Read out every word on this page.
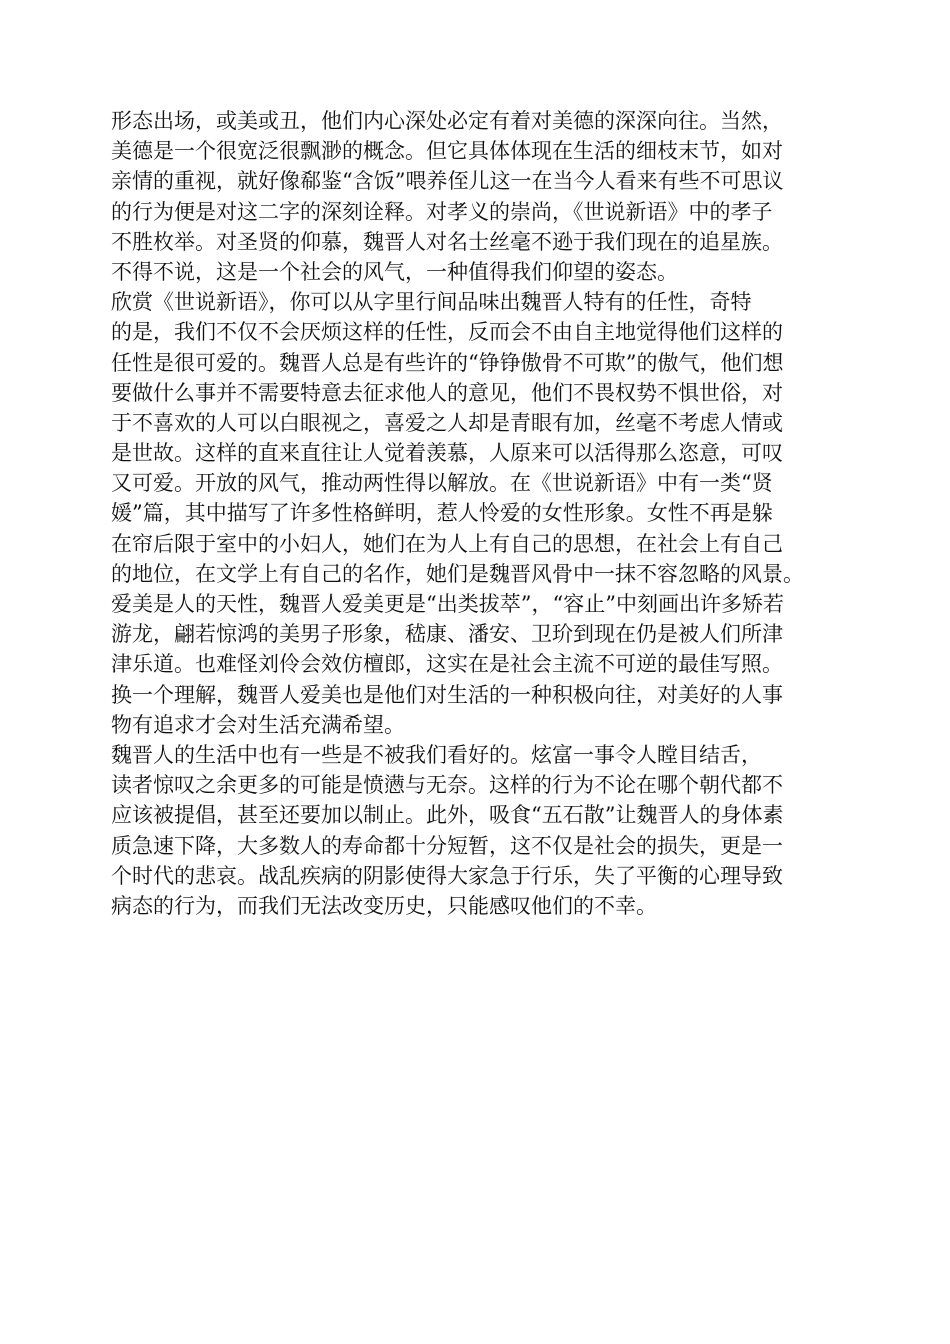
形态出场，或美或丑，他们内心深处必定有着对美德的深深向往。当然，
美德是一个很宽泛很飘渺的概念。但它具体体现在生活的细枝末节，如对
亲情的重视，就好像郗鉴“含饭”喂养侄儿这一在当今人看来有些不可思议
的行为便是对这二字的深刻诠释。对孝义的崇尚，《世说新语》中的孝子
不胜枚举。对圣贤的仰慕，魏晋人对名士丝毫不逊于我们现在的追星族。
不得不说，这是一个社会的风气，一种值得我们仰望的姿态。
欣赏《世说新语》，你可以从字里行间品味出魏晋人特有的任性，奇特
的是，我们不仅不会厌烦这样的任性，反而会不由自主地觉得他们这样的
任性是很可爱的。魏晋人总是有些许的“铮铮傲骨不可欺”的傲气，他们想
要做什么事并不需要特意去征求他人的意见，他们不畏权势不惧世俗，对
于不喜欢的人可以白眼视之，喜爱之人却是青眼有加，丝毫不考虑人情或
是世故。这样的直来直往让人觉着羡慕，人原来可以活得那么恣意，可叹
又可爱。开放的风气，推动两性得以解放。在《世说新语》中有一类“贤
媛”篇，其中描写了许多性格鲜明，惹人怜爱的女性形象。女性不再是躲
在帘后限于室中的小妇人，她们在为人上有自己的思想，在社会上有自己
的地位，在文学上有自己的名作，她们是魏晋风骨中一抹不容忽略的风景。
爱美是人的天性，魏晋人爱美更是“出类拔萃”，“容止”中刻画出许多矫若
游龙，翩若惊鸿的美男子形象，嵇康、潘安、卫玠到现在仍是被人们所津
津乐道。也难怪刘伶会效仿檀郎，这实在是社会主流不可逆的最佳写照。
换一个理解，魏晋人爱美也是他们对生活的一种积极向往，对美好的人事
物有追求才会对生活充满希望。
魏晋人的生活中也有一些是不被我们看好的。炫富一事令人瞠目结舌，
读者惊叹之余更多的可能是愤懑与无奈。这样的行为不论在哪个朝代都不
应该被提倡，甚至还要加以制止。此外，吸食“五石散”让魏晋人的身体素
质急速下降，大多数人的寿命都十分短暂，这不仅是社会的损失，更是一
个时代的悲哀。战乱疾病的阴影使得大家急于行乐，失了平衡的心理导致
病态的行为，而我们无法改变历史，只能感叹他们的不幸。
